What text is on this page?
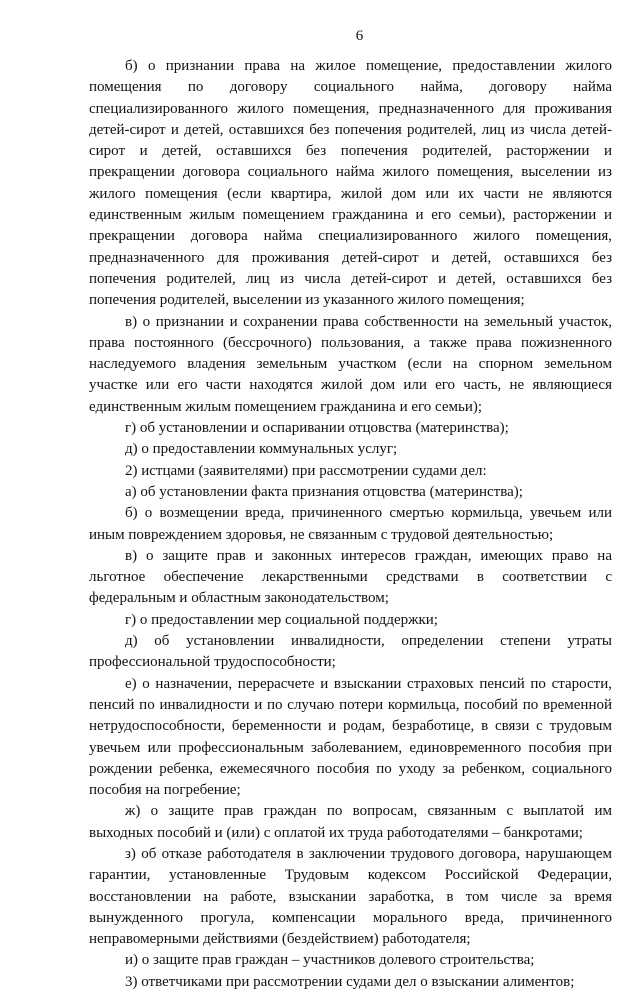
6

б) о признании права на жилое помещение, предоставлении жилого помещения по договору социального найма, договору найма специализированного жилого помещения, предназначенного для проживания детей-сирот и детей, оставшихся без попечения родителей, лиц из числа детей-сирот и детей, оставшихся без попечения родителей, расторжении и прекращении договора социального найма жилого помещения, выселении из жилого помещения (если квартира, жилой дом или их части не являются единственным жилым помещением гражданина и его семьи), расторжении и прекращении договора найма специализированного жилого помещения, предназначенного для проживания детей-сирот и детей, оставшихся без попечения родителей, лиц из числа детей-сирот и детей, оставшихся без попечения родителей, выселении из указанного жилого помещения;

в) о признании и сохранении права собственности на земельный участок, права постоянного (бессрочного) пользования, а также права пожизненного наследуемого владения земельным участком (если на спорном земельном участке или его части находятся жилой дом или его часть, не являющиеся единственным жилым помещением гражданина и его семьи);

г) об установлении и оспаривании отцовства (материнства);

д) о предоставлении коммунальных услуг;

2) истцами (заявителями) при рассмотрении судами дел:

а) об установлении факта признания отцовства (материнства);

б) о возмещении вреда, причиненного смертью кормильца, увечьем или иным повреждением здоровья, не связанным с трудовой деятельностью;

в) о защите прав и законных интересов граждан, имеющих право на льготное обеспечение лекарственными средствами в соответствии с федеральным и областным законодательством;

г) о предоставлении мер социальной поддержки;

д) об установлении инвалидности, определении степени утраты профессиональной трудоспособности;

е) о назначении, перерасчете и взыскании страховых пенсий по старости, пенсий по инвалидности и по случаю потери кормильца, пособий по временной нетрудоспособности, беременности и родам, безработице, в связи с трудовым увечьем или профессиональным заболеванием, единовременного пособия при рождении ребенка, ежемесячного пособия по уходу за ребенком, социального пособия на погребение;

ж) о защите прав граждан по вопросам, связанным с выплатой им выходных пособий и (или) с оплатой их труда работодателями – банкротами;

з) об отказе работодателя в заключении трудового договора, нарушающем гарантии, установленные Трудовым кодексом Российской Федерации, восстановлении на работе, взыскании заработка, в том числе за время вынужденного прогула, компенсации морального вреда, причиненного неправомерными действиями (бездействием) работодателя;

и) о защите прав граждан – участников долевого строительства;

3) ответчиками при рассмотрении судами дел о взыскании алиментов;
